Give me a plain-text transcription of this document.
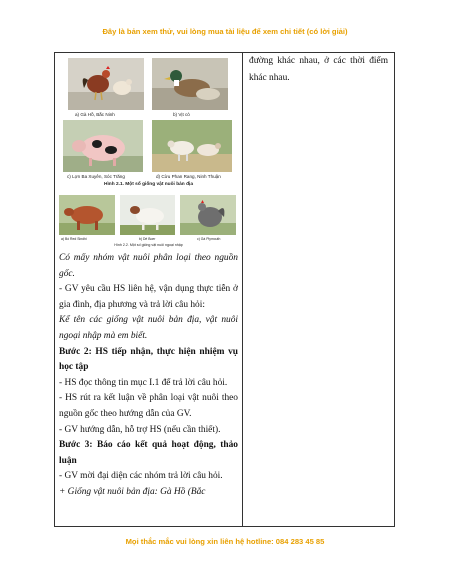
Đây là bản xem thử, vui lòng mua tài liệu để xem chi tiết (có lời giải)
a) Gà Hồ, Bắc Ninh	b) Vịt cỏ
c) Lợn Ba Xuyên, Sóc Trăng	d) Cừu Phan Rang, Ninh Thuận
Hình 2.1. Một số giống vật nuôi bản địa
a) Bò Red Sindhi	b) Dê Boer	c) Gà Plymouth
Hình 2.2. Một số giống vật nuôi ngoại nhập

Có mấy nhóm vật nuôi phân loại theo nguồn gốc.

- GV yêu cầu HS liên hệ, vận dụng thực tiễn ở gia đình, địa phương và trả lời câu hỏi:

Kể tên các giống vật nuôi bản địa, vật nuôi ngoại nhập mà em biết.

Bước 2: HS tiếp nhận, thực hiện nhiệm vụ học tập

- HS đọc thông tin mục I.1 để trả lời câu hỏi.

- HS rút ra kết luận về phân loại vật nuôi theo nguồn gốc theo hướng dẫn của GV.

- GV hướng dẫn, hỗ trợ HS (nếu cần thiết).

Bước 3: Báo cáo kết quả hoạt động, thảo luận

- GV mời đại diện các nhóm trả lời câu hỏi.

+ Giống vật nuôi bản địa: Gà Hồ (Bắc

đường khác nhau, ở các thời điểm khác nhau.

Mọi thắc mắc vui lòng xin liên hệ hotline: 084 283 45 85
